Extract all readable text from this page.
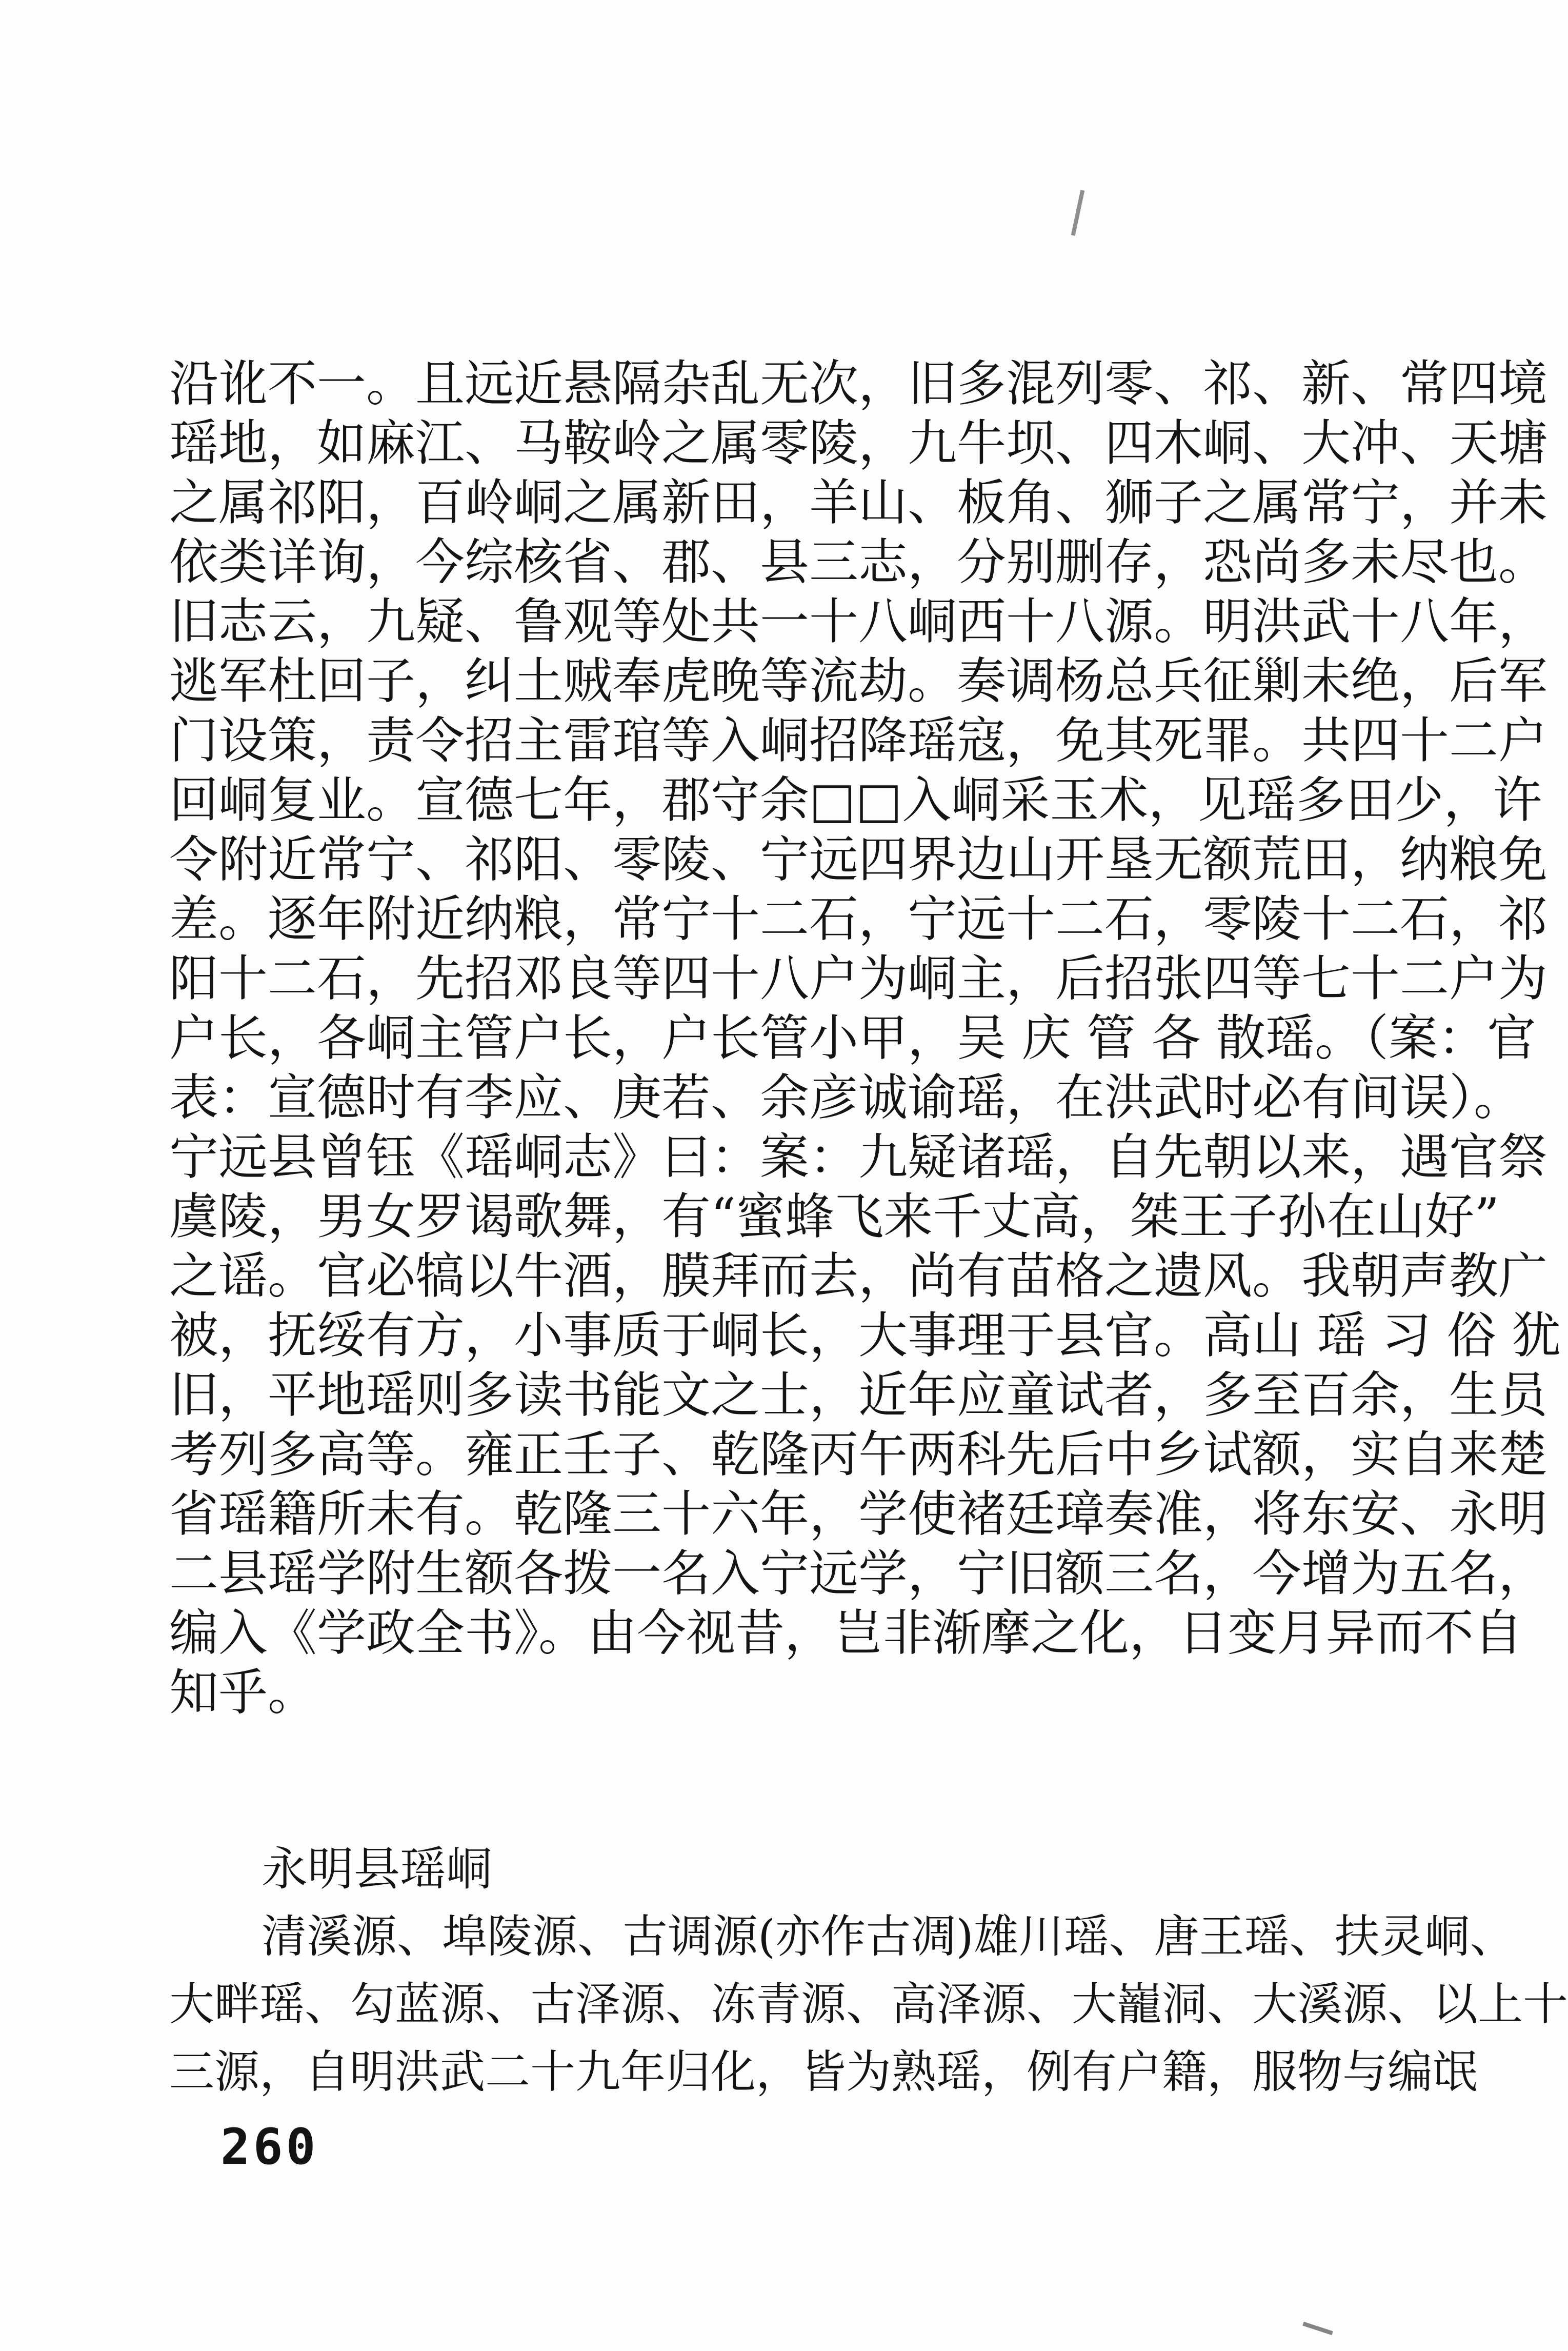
沿讹不一。且远近悬隔杂乱无次，旧多混列零、祁、新、常四境
瑶地，如麻江、马鞍岭之属零陵，九牛坝、四木峒、大冲、天塘
之属祁阳，百岭峒之属新田，羊山、板角、狮子之属常宁，并未
依类详询，今综核省、郡、县三志，分别删存，恐尚多未尽也。
旧志云，九疑、鲁观等处共一十八峒西十八源。明洪武十八年，
逃军杜回子，纠土贼奉虎晚等流劫。奏调杨总兵征剿未绝，后军
门设策，责令招主雷琯等入峒招降瑶寇，免其死罪。共四十二户
回峒复业。宣德七年，郡守余□□入峒采玉术，见瑶多田少，许
令附近常宁、祁阳、零陵、宁远四界边山开垦无额荒田，纳粮免
差。逐年附近纳粮，常宁十二石，宁远十二石，零陵十二石，祁
阳十二石，先招邓良等四十八户为峒主，后招张四等七十二户为
户长，各峒主管户长，户长管小甲，吴 庆 管 各 散瑶。（案：官
表：宣德时有李应、庚若、余彦诚谕瑶，在洪武时必有间误）。
宁远县曾钰《瑶峒志》曰：案：九疑诸瑶，自先朝以来，遇官祭
虞陵，男女罗谒歌舞，有“蜜蜂飞来千丈高，桀王子孙在山好”
之谣。官必犒以牛酒，膜拜而去，尚有苗格之遗风。我朝声教广
被，抚绥有方，小事质于峒长，大事理于县官。高山 瑶 习 俗 犹
旧，平地瑶则多读书能文之士，近年应童试者，多至百余，生员
考列多高等。雍正壬子、乾隆丙午两科先后中乡试额，实自来楚
省瑶籍所未有。乾隆三十六年，学使褚廷璋奏准，将东安、永明
二县瑶学附生额各拨一名入宁远学，宁旧额三名，今增为五名，
编入《学政全书》。由今视昔，岂非渐摩之化，日变月异而不自
知乎。
永明县瑶峒
清溪源、埠陵源、古调源(亦作古凋)雄川瑶、唐王瑶、扶灵峒、
大畔瑶、勾蓝源、古泽源、冻青源、高泽源、大巃洞、大溪源、以上十
三源，自明洪武二十九年归化，皆为熟瑶，例有户籍，服物与编氓
260
